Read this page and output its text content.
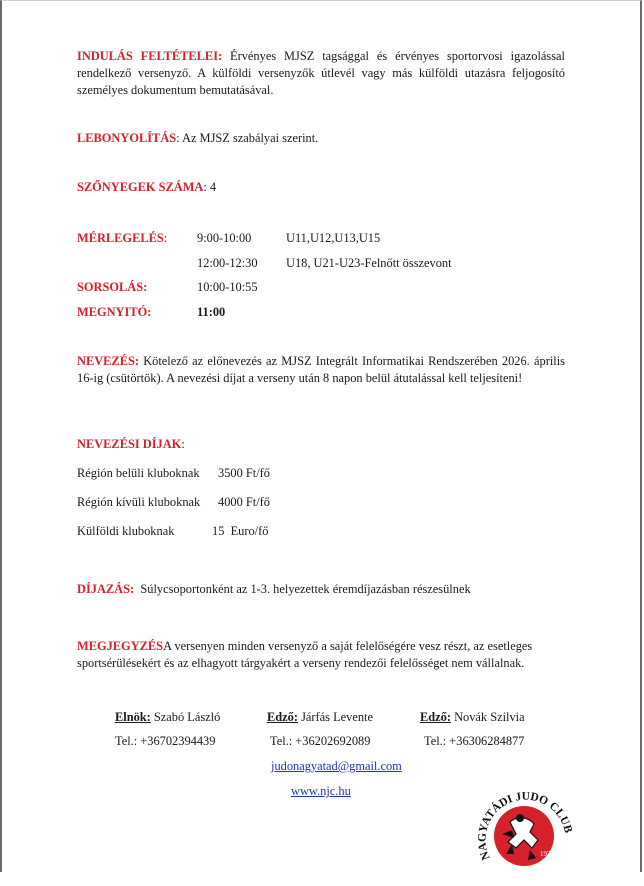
INDULÁS FELTÉTELEI: Érvényes MJSZ tagsággal és érvényes sportorvosi igazolással rendelkező versenyző. A külföldi versenyzők útlevél vagy más külföldi utazásra feljogosító személyes dokumentum bemutatásával.
LEBONYOLÍTÁS: Az MJSZ szabályai szerint.
SZŐNYEGEK SZÁMA: 4
MÉRLEGELÉS: 9:00-10:00	U11,U12,U13,U15
12:00-12:30 U18, U21-U23-Felnőtt összevont
SORSOLÁS:	10:00-10:55
MEGNYITÓ:	11:00
NEVEZÉS: Kötelező az előnevezés az MJSZ Integrált Informatikai Rendszerében 2026. április 16-ig (csütörtök). A nevezési díjat a verseny után 8 napon belül átutalással kell teljesíteni!
NEVEZÉSI DÍJAK:
Régión belüli kluboknak 3500 Ft/fő
Régión kívüli kluboknak 4000 Ft/fő
Külföldi kluboknak	15  Euro/fő
DÍJAZÁS:  Súlycsoportonként az 1-3. helyezettek éremdíjazásban részesülnek
MEGJEGYZÉSA versenyen minden versenyző a saját felelőségére vesz részt, az esetleges sportsérülésekért és az elhagyott tárgyakért a verseny rendezői felelősséget nem vállalnak.
Elnök: Szabó László
Tel.: +36702394439
Edző: Járfás Levente
Tel.: +36202692089
Edző: Novák Szilvia
Tel.: +36306284877
judonagyatad@gmail.com
www.njc.hu
NAGYATÁDI JUDO CLUB
1974
